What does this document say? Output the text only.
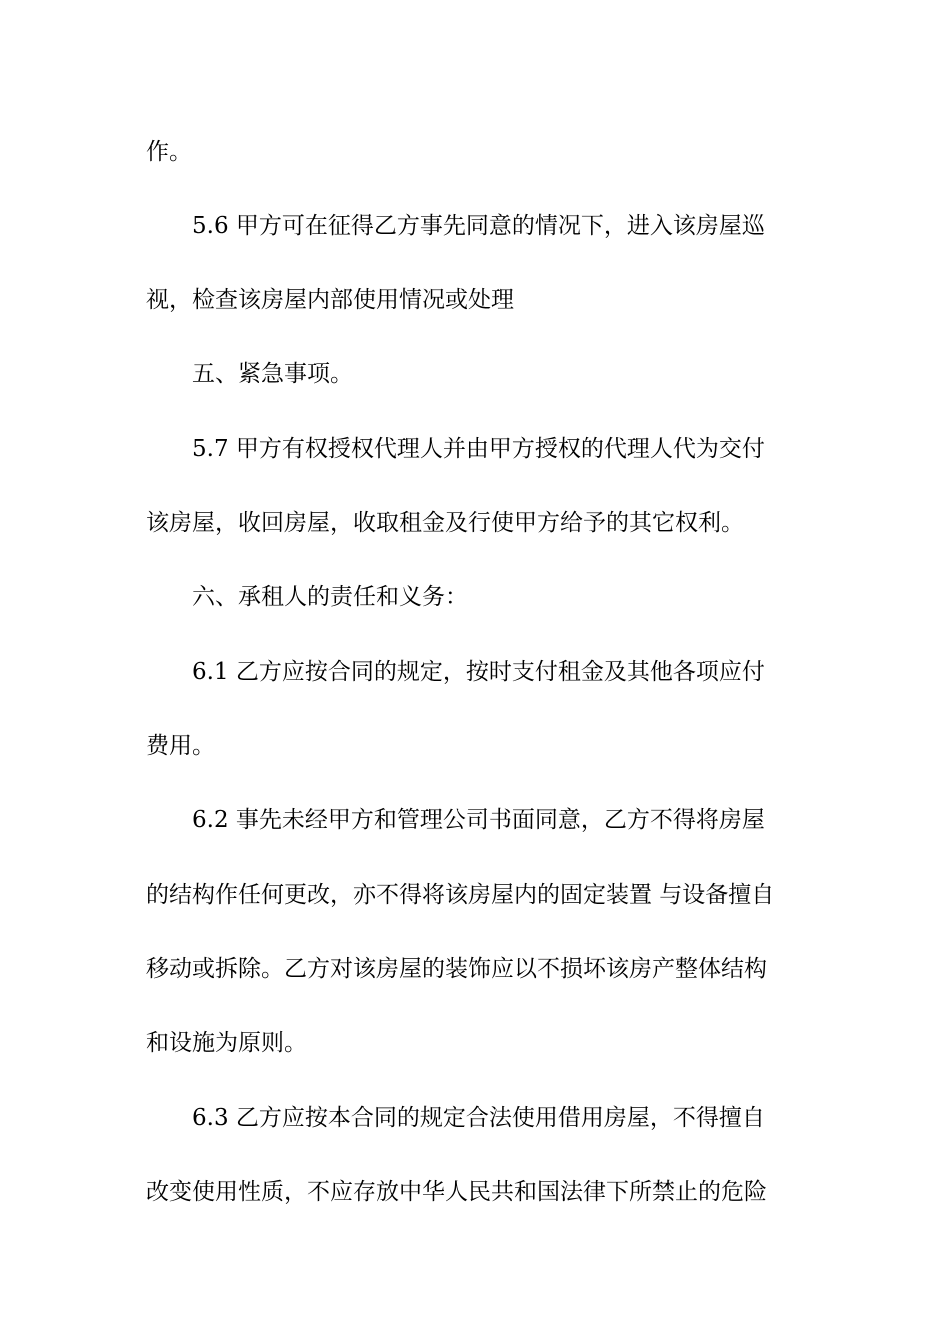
作。
5.6 甲方可在征得乙方事先同意的情况下，进入该房屋巡
视，检查该房屋内部使用情况或处理
五、紧急事项。
5.7 甲方有权授权代理人并由甲方授权的代理人代为交付
该房屋，收回房屋，收取租金及行使甲方给予的其它权利。
六、承租人的责任和义务：
6.1 乙方应按合同的规定，按时支付租金及其他各项应付
费用。
6.2 事先未经甲方和管理公司书面同意，乙方不得将房屋
的结构作任何更改，亦不得将该房屋内的固定装置 与设备擅自
移动或拆除。乙方对该房屋的装饰应以不损坏该房产整体结构
和设施为原则。
6.3 乙方应按本合同的规定合法使用借用房屋，不得擅自
改变使用性质，不应存放中华人民共和国法律下所禁止的危险
